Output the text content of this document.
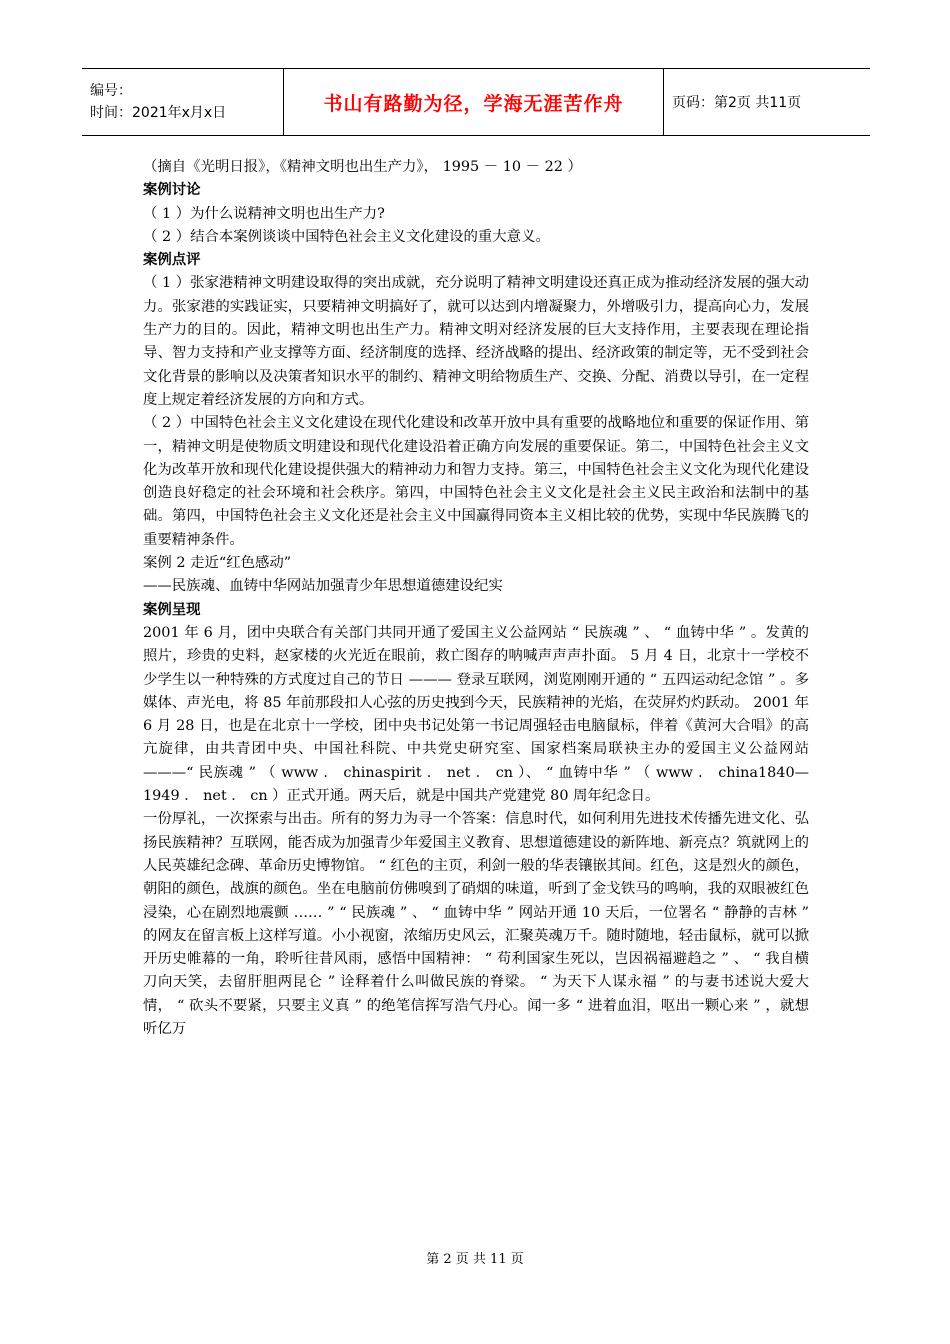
编号：
时间：2021年x月x日	书山有路勤为径，学海无涯苦作舟	页码：第2页 共11页

（摘自《光明日报》，《精神文明也出生产力》， 1995 － 10 － 22 ）

案例讨论

（ 1 ）为什么说精神文明也出生产力?

（ 2 ）结合本案例谈谈中国特色社会主义文化建设的重大意义。

案例点评

（ 1 ）张家港精神文明建设取得的突出成就，充分说明了精神文明建设还真正成为推动经济发展的强大动力。张家港的实践证实，只要精神文明搞好了，就可以达到内增凝聚力，外增吸引力，提高向心力，发展生产力的目的。因此，精神文明也出生产力。精神文明对经济发展的巨大支持作用，主要表现在理论指导、智力支持和产业支撑等方面、经济制度的选择、经济战略的提出、经济政策的制定等，无不受到社会文化背景的影响以及决策者知识水平的制约、精神文明给物质生产、交换、分配、消费以导引，在一定程度上规定着经济发展的方向和方式。

（ 2 ）中国特色社会主义文化建设在现代化建设和改革开放中具有重要的战略地位和重要的保证作用、第一，精神文明是使物质文明建设和现代化建设沿着正确方向发展的重要保证。第二，中国特色社会主义文化为改革开放和现代化建设提供强大的精神动力和智力支持。第三，中国特色社会主义文化为现代化建设创造良好稳定的社会环境和社会秩序。第四，中国特色社会主义文化是社会主义民主政治和法制中的基础。第四，中国特色社会主义文化还是社会主义中国赢得同资本主义相比较的优势，实现中华民族腾飞的重要精神条件。

案例 2 走近“红色感动”

——民族魂、血铸中华网站加强青少年思想道德建设纪实

案例呈现

2001 年 6 月，团中央联合有关部门共同开通了爱国主义公益网站 “ 民族魂 ” 、 “ 血铸中华 ” 。发黄的照片，珍贵的史料，赵家楼的火光近在眼前，救亡图存的呐喊声声声扑面。 5 月 4 日，北京十一学校不少学生以一种特殊的方式度过自己的节日 ——— 登录互联网，浏览刚刚开通的 “ 五四运动纪念馆 ” 。多媒体、声光电，将 85 年前那段扣人心弦的历史拽到今天，民族精神的光焰，在荧屏灼灼跃动。 2001 年 6 月 28 日，也是在北京十一学校，团中央书记处第一书记周强轻击电脑鼠标，伴着《黄河大合唱》的高亢旋律，由共青团中央、中国社科院、中共党史研究室、国家档案局联袂主办的爱国主义公益网站 ———“ 民族魂 ” （ www ． chinaspirit ． net ． cn ）、 “ 血铸中华 ” （ www ． china1840—1949 ． net ． cn ）正式开通。两天后，就是中国共产党建党 80 周年纪念日。

一份厚礼，一次探索与出击。所有的努力为寻一个答案：信息时代，如何利用先进技术传播先进文化、弘扬民族精神？互联网，能否成为加强青少年爱国主义教育、思想道德建设的新阵地、新亮点？筑就网上的人民英雄纪念碑、革命历史博物馆。 “ 红色的主页，利剑一般的华表镶嵌其间。红色，这是烈火的颜色，朝阳的颜色，战旗的颜色。坐在电脑前仿佛嗅到了硝烟的味道，听到了金戈铁马的鸣响，我的双眼被红色浸染，心在剧烈地震颤 …… ” “ 民族魂 ” 、 “ 血铸中华 ” 网站开通 10 天后，一位署名 “ 静静的吉林 ” 的网友在留言板上这样写道。小小视窗，浓缩历史风云，汇聚英魂万千。随时随地，轻击鼠标，就可以掀开历史帷幕的一角，聆听往昔风雨，感悟中国精神： “ 苟利国家生死以，岂因祸福避趋之 ” 、 “ 我自横刀向天笑，去留肝胆两昆仑 ” 诠释着什么叫做民族的脊梁。 “ 为天下人谋永福 ” 的与妻书述说大爱大情， “ 砍头不要紧，只要主义真 ” 的绝笔信挥写浩气丹心。闻一多 “ 进着血泪，呕出一颗心来 ” ，就想听亿万

第 2 页 共 11 页
